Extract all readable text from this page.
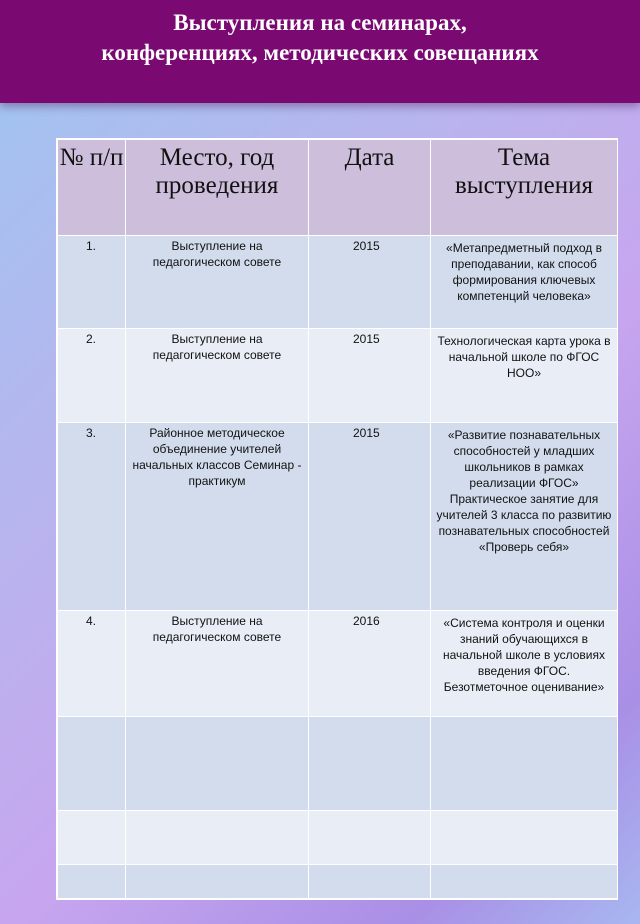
Выступления на семинарах,
конференциях, методических совещаниях
№ п/п	Место, год проведения	Дата	Тема выступления

1.	Выступление на педагогическом совете	2015	«Метапредметный подход в преподавании, как способ формирования ключевых компетенций человека»
2.	Выступление на педагогическом совете	2015	Технологическая карта урока в начальной школе по ФГОС НОО»
3.	Районное методическое объединение учителей начальных классов Семинар - практикум	2015	«Развитие познавательных способностей у младших школьников в рамках реализации ФГОС» Практическое занятие для учителей 3 класса по развитию познавательных способностей «Проверь себя»
4.	Выступление на педагогическом совете	2016	«Система контроля и оценки знаний обучающихся в начальной школе в условиях введения ФГОС. Безотметочное оценивание»
